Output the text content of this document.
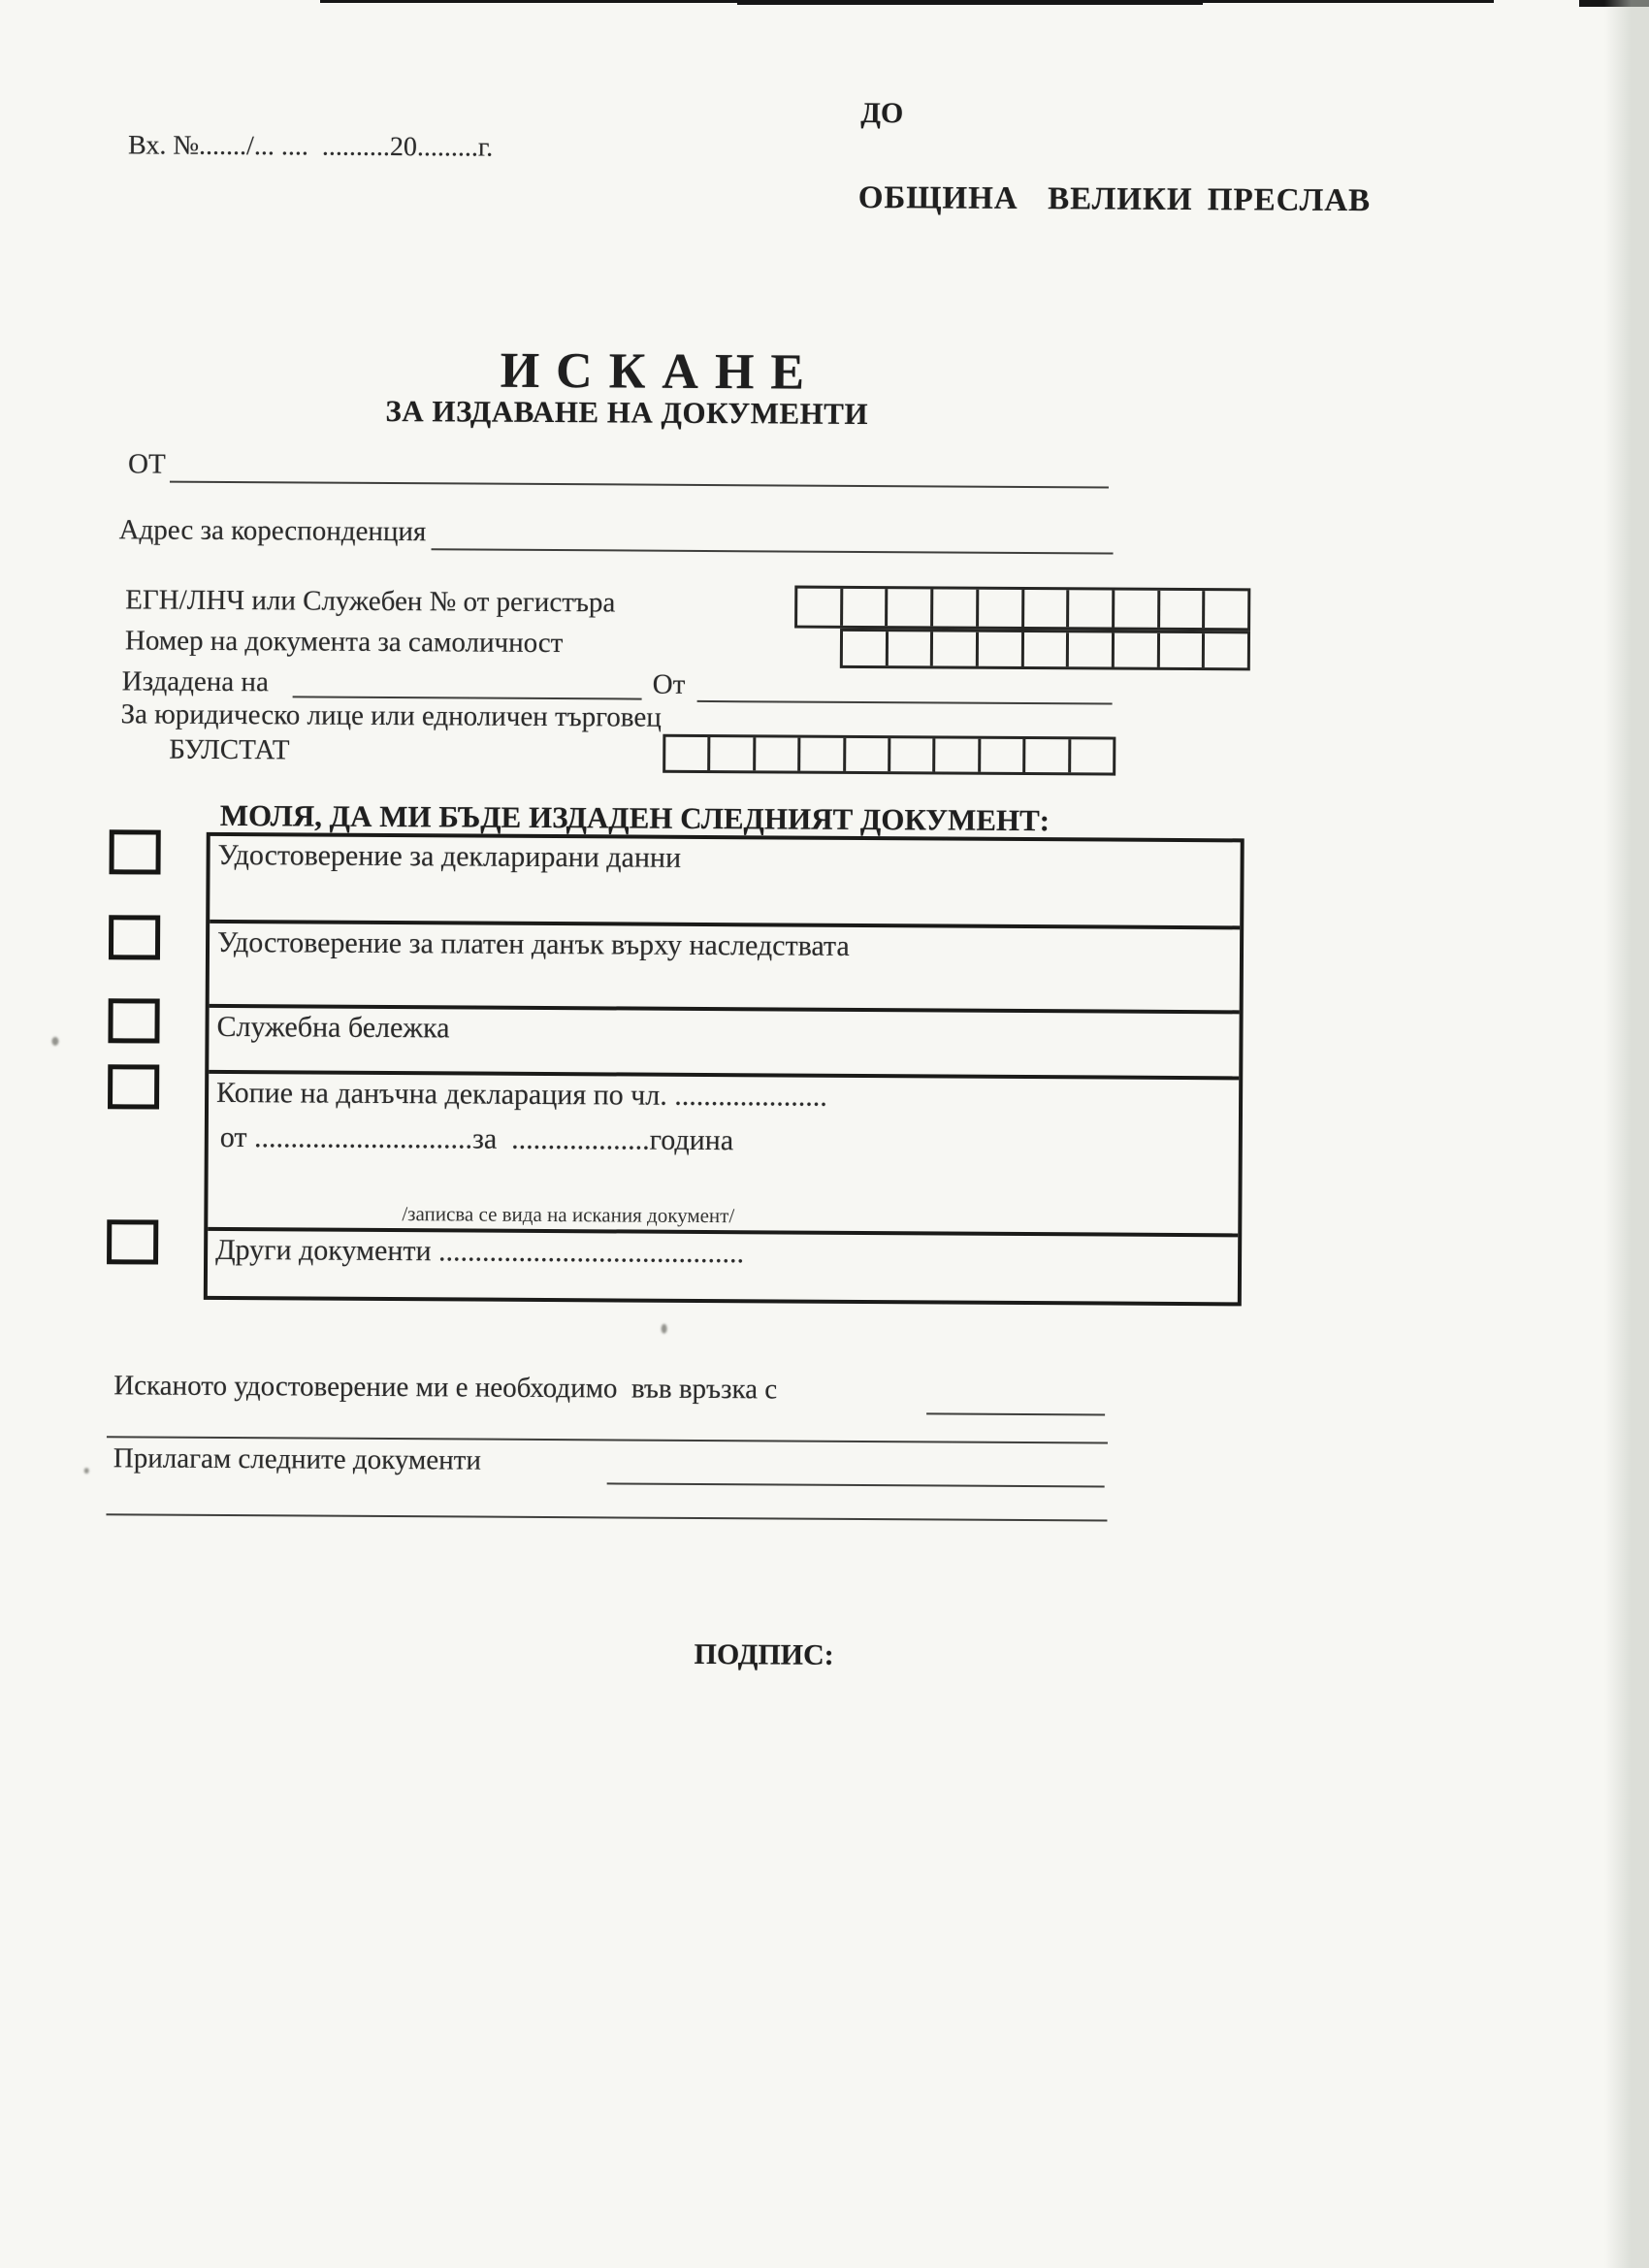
Вх. №......./... ....  ..........20.........г.
ДО
ОБЩИНА  ВЕЛИКИ ПРЕСЛАВ
И С К А Н Е
ЗА ИЗДАВАНЕ НА ДОКУМЕНТИ
ОТ
Адрес за кореспонденция
ЕГН/ЛНЧ или Служебен № от регистъра
Номер на документа за самоличност
Издадена на	От
За юридическо лице или едноличен търговец
БУЛСТАТ
МОЛЯ, ДА МИ БЪДЕ ИЗДАДЕН СЛЕДНИЯТ ДОКУМЕНТ:
Удостоверение за декларирани данни
Удостоверение за платен данък върху наследствата
Служебна бележка
Копие на данъчна декларация по чл. .....................
от ..............................за  ...................година
/записва се вида на искания документ/
Други документи ..........................................
Исканото удостоверение ми е необходимо  във връзка с
Прилагам следните документи
ПОДПИС:
